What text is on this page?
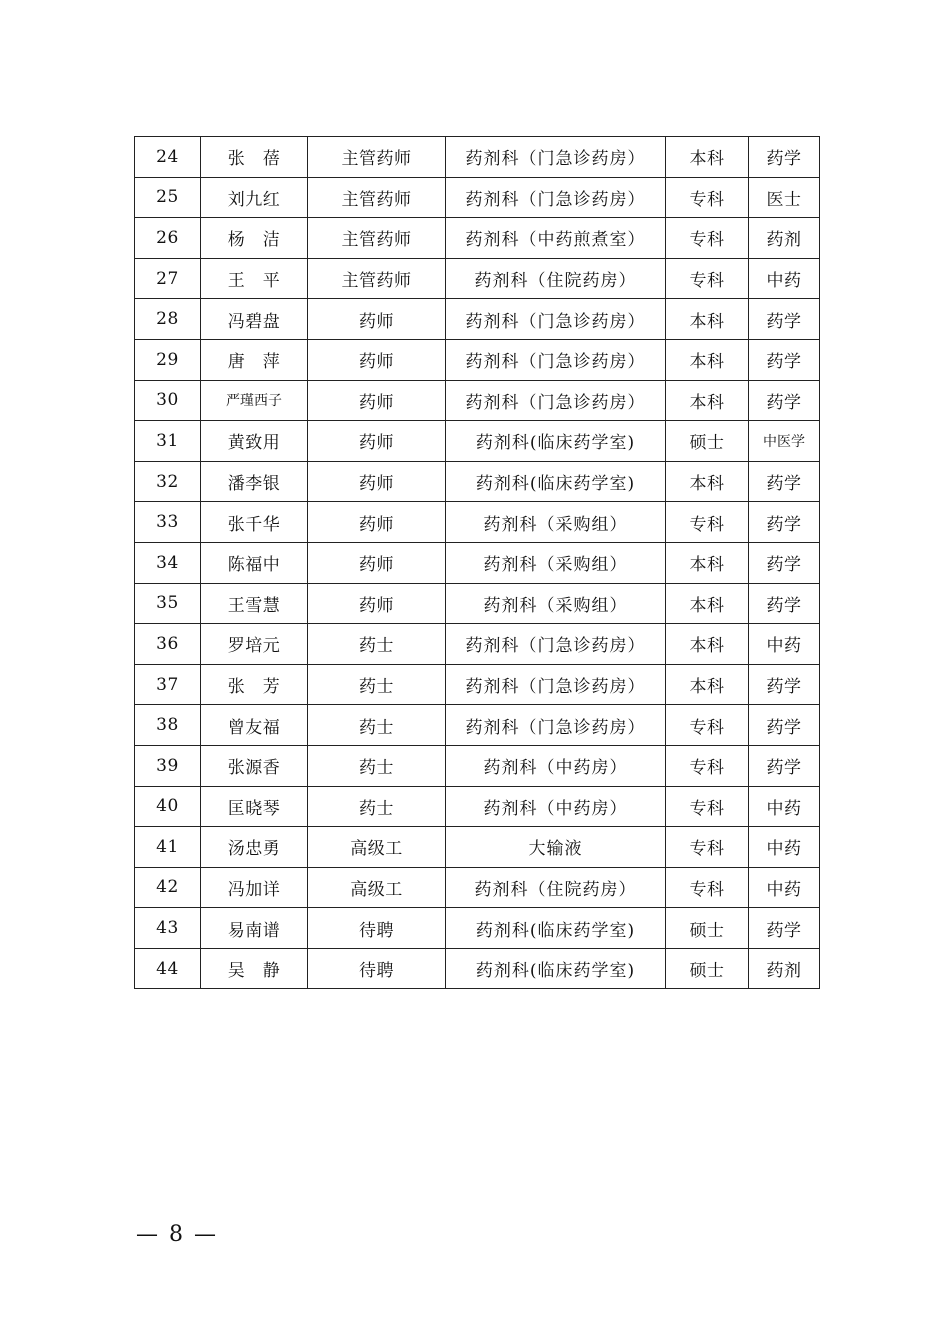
24	张　蓓	主管药师	药剂科（门急诊药房）	本科	药学
25	刘九红	主管药师	药剂科（门急诊药房）	专科	医士
26	杨　洁	主管药师	药剂科（中药煎煮室）	专科	药剂
27	王　平	主管药师	药剂科（住院药房）	专科	中药
28	冯碧盘	药师	药剂科（门急诊药房）	本科	药学
29	唐　萍	药师	药剂科（门急诊药房）	本科	药学
30	严瑾西子	药师	药剂科（门急诊药房）	本科	药学
31	黄致用	药师	药剂科(临床药学室)	硕士	中医学
32	潘李银	药师	药剂科(临床药学室)	本科	药学
33	张千华	药师	药剂科（采购组）	专科	药学
34	陈福中	药师	药剂科（采购组）	本科	药学
35	王雪慧	药师	药剂科（采购组）	本科	药学
36	罗培元	药士	药剂科（门急诊药房）	本科	中药
37	张　芳	药士	药剂科（门急诊药房）	本科	药学
38	曾友福	药士	药剂科（门急诊药房）	专科	药学
39	张源香	药士	药剂科（中药房）	专科	药学
40	匡晓琴	药士	药剂科（中药房）	专科	中药
41	汤忠勇	高级工	大输液	专科	中药
42	冯加详	高级工	药剂科（住院药房）	专科	中药
43	易南谱	待聘	药剂科(临床药学室)	硕士	药学
44	吴　静	待聘	药剂科(临床药学室)	硕士	药剂
— 8 —
